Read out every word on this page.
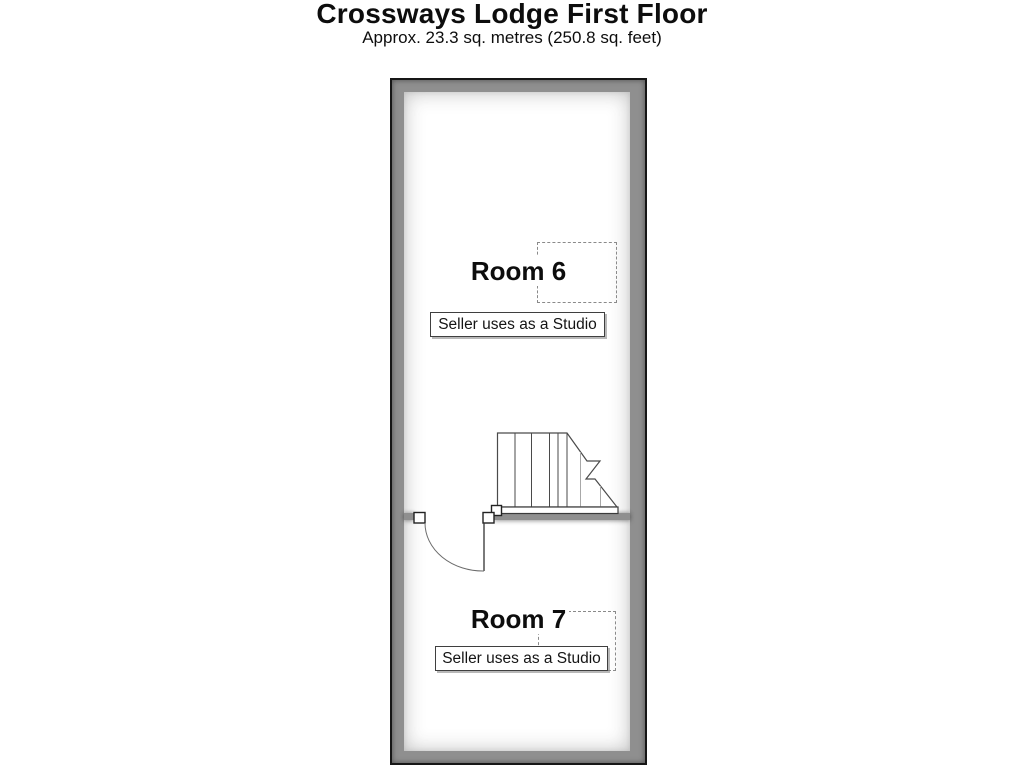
Crossways Lodge First Floor
Approx. 23.3 sq. metres (250.8 sq. feet)
Room 6
Room 7
Seller uses as a Studio
Seller uses as a Studio
